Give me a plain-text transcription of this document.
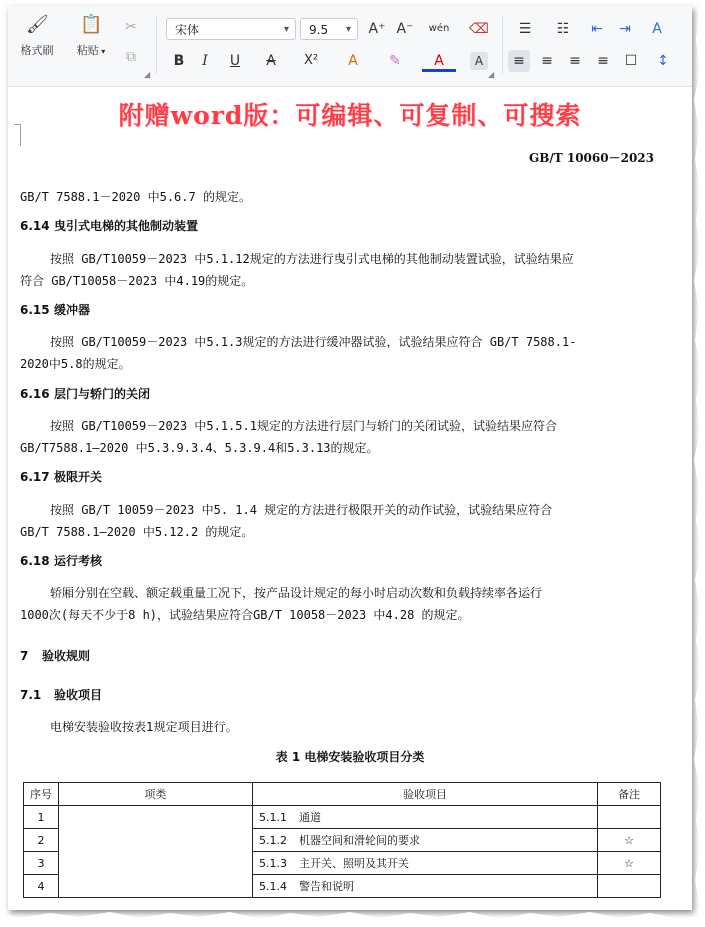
🖌
格式刷
📋
粘贴 ▾
✂
⧉
◢
宋体	▾	9.5 ▾ A⁺ A⁻	wén	⌫
B	I	U	A	X²	A	✎	A	A
◢
☰	☷	⇤	⇥	A
≡	≡	≡	≡	☐	↕
附赠word版：可编辑、可复制、可搜索
GB/T 10060－2023
GB/T 7588.1－2020 中5.6.7 的规定。
6.14 曳引式电梯的其他制动装置
按照 GB/T10059－2023 中5.1.12规定的方法进行曳引式电梯的其他制动装置试验，试验结果应
符合 GB/T10058－2023 中4.19的规定。
6.15 缓冲器
按照 GB/T10059－2023 中5.1.3规定的方法进行缓冲器试验，试验结果应符合 GB/T 7588.1-
2020中5.8的规定。
6.16 层门与轿门的关闭
按照 GB/T10059－2023 中5.1.5.1规定的方法进行层门与轿门的关闭试验，试验结果应符合
GB/T7588.1—2020 中5.3.9.3.4、5.3.9.4和5.3.13的规定。
6.17 极限开关
按照 GB/T 10059－2023 中5. 1.4 规定的方法进行极限开关的动作试验，试验结果应符合
GB/T 7588.1—2020 中5.12.2 的规定。
6.18 运行考核
轿厢分别在空载、额定载重量工况下，按产品设计规定的每小时启动次数和负载持续率各运行
1000次(每天不少于8 h)，试验结果应符合GB/T 10058－2023 中4.28 的规定。
7 验收规则
7.1 验收项目
电梯安装验收按表1规定项目进行。
表 1 电梯安装验收项目分类
序号	项类	验收项目	备注
1		5.1.1 通道	
2		5.1.2 机器空间和滑轮间的要求	☆
3		5.1.3 主开关、照明及其开关	☆
4		5.1.4 警告和说明	
